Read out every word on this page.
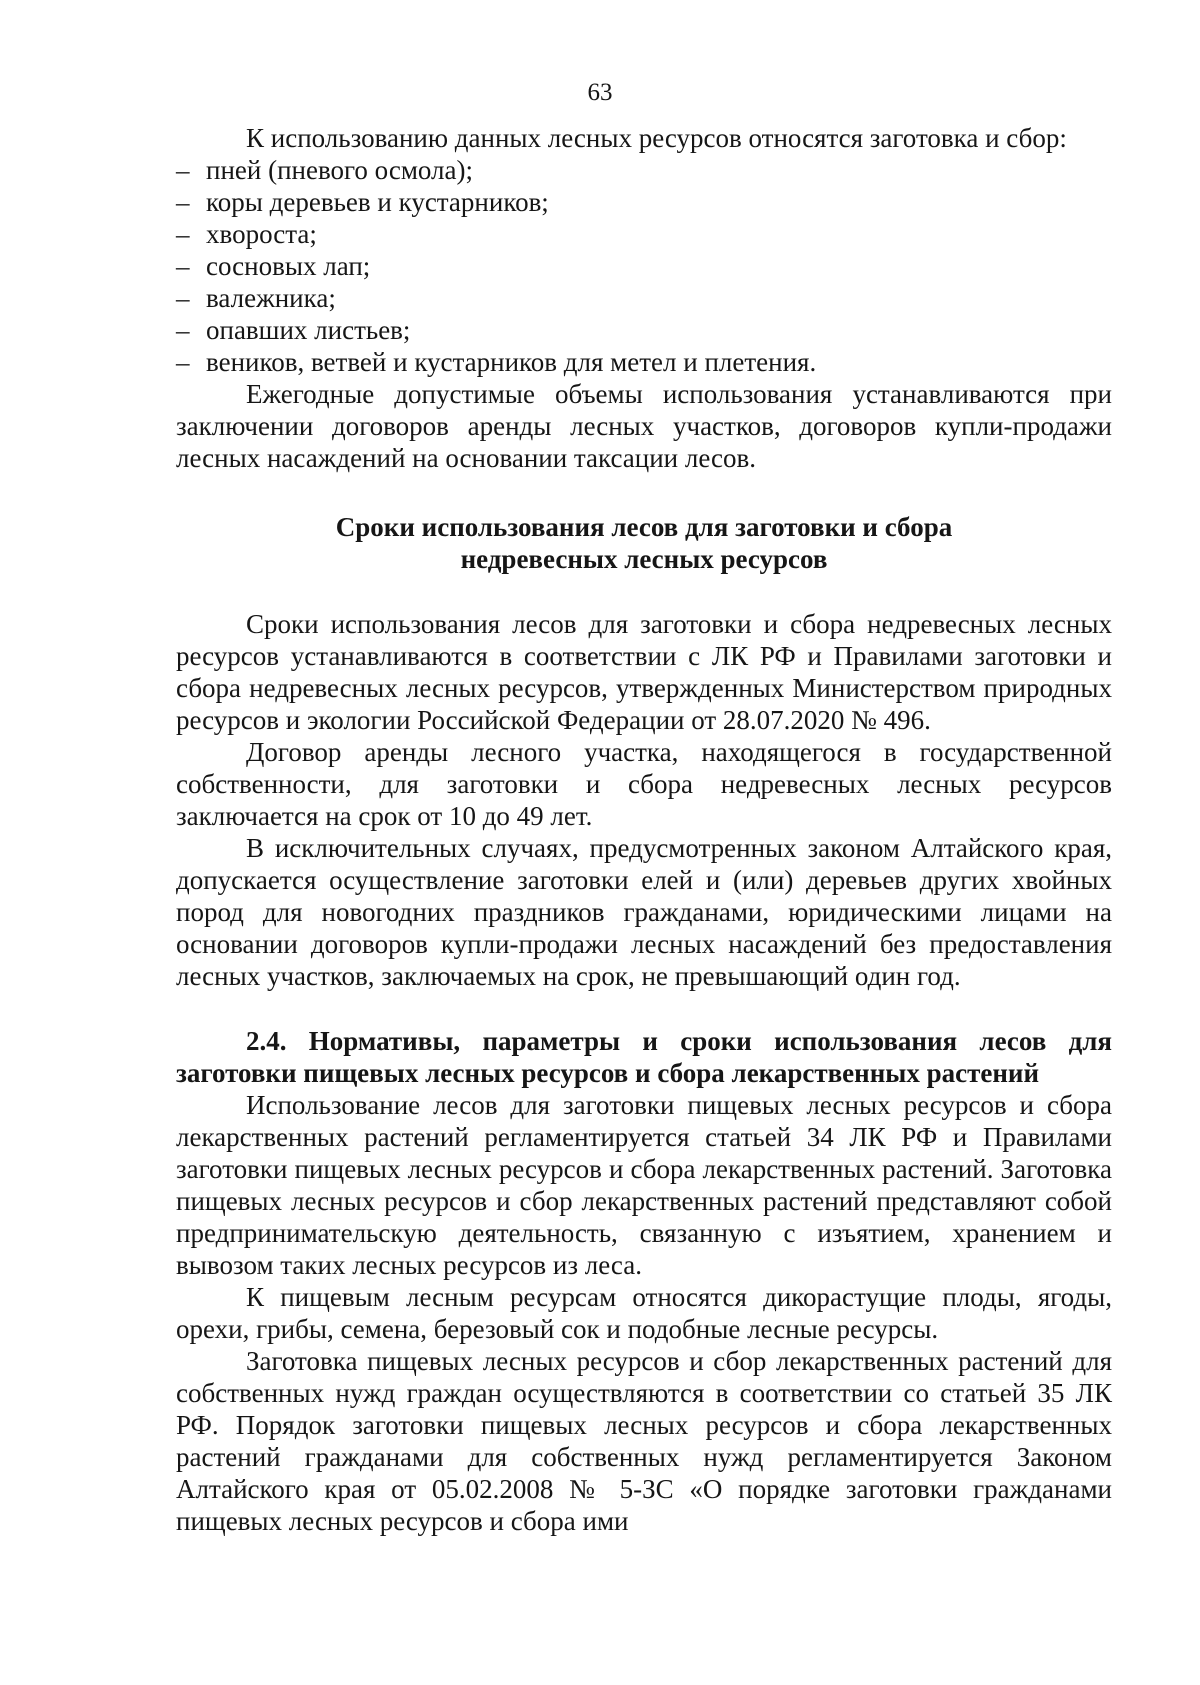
63

К использованию данных лесных ресурсов относятся заготовка и сбор:

– пней (пневого осмола);
– коры деревьев и кустарников;
– хвороста;
– сосновых лап;
– валежника;
– опавших листьев;
– веников, ветвей и кустарников для метел и плетения.

Ежегодные допустимые объемы использования устанавливаются при заключении договоров аренды лесных участков, договоров купли-продажи лесных насаждений на основании таксации лесов.

Сроки использования лесов для заготовки и сбора
недревесных лесных ресурсов

Сроки использования лесов для заготовки и сбора недревесных лесных ресурсов устанавливаются в соответствии с ЛК РФ и Правилами заготовки и сбора недревесных лесных ресурсов, утвержденных Министерством природных ресурсов и экологии Российской Федерации от 28.07.2020 № 496.

Договор аренды лесного участка, находящегося в государственной собственности, для заготовки и сбора недревесных лесных ресурсов заключается на срок от 10 до 49 лет.

В исключительных случаях, предусмотренных законом Алтайского края, допускается осуществление заготовки елей и (или) деревьев других хвойных пород для новогодних праздников гражданами, юридическими лицами на основании договоров купли-продажи лесных насаждений без предоставления лесных участков, заключаемых на срок, не превышающий один год.

2.4. Нормативы, параметры и сроки использования лесов для заготовки пищевых лесных ресурсов и сбора лекарственных растений

Использование лесов для заготовки пищевых лесных ресурсов и сбора лекарственных растений регламентируется статьей 34 ЛК РФ и Правилами заготовки пищевых лесных ресурсов и сбора лекарственных растений. Заготовка пищевых лесных ресурсов и сбор лекарственных растений представляют собой предпринимательскую деятельность, связанную с изъятием, хранением и вывозом таких лесных ресурсов из леса.

К пищевым лесным ресурсам относятся дикорастущие плоды, ягоды, орехи, грибы, семена, березовый сок и подобные лесные ресурсы.

Заготовка пищевых лесных ресурсов и сбор лекарственных растений для собственных нужд граждан осуществляются в соответствии со статьей 35 ЛК РФ. Порядок заготовки пищевых лесных ресурсов и сбора лекарственных растений гражданами для собственных нужд регламентируется Законом Алтайского края от 05.02.2008 № 5-ЗС «О порядке заготовки гражданами пищевых лесных ресурсов и сбора ими
